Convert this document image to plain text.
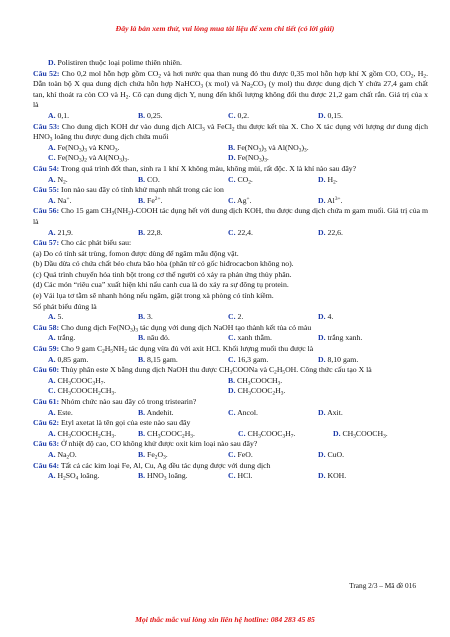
Đây là bản xem thử, vui lòng mua tài liệu để xem chi tiết (có lời giải)
D. Polistiren thuộc loại polime thiên nhiên.
Câu 52: Cho 0,2 mol hỗn hợp gồm $CO_2$ và hơi nước qua than nung đỏ thu được 0,35 mol hỗn hợp khí X gồm CO, $CO_2$, $H_2$. Dẫn toàn bộ X qua dung dịch chứa hỗn hợp NaHCO$_3$ (x mol) và $Na_2CO_3$ (y mol) thu được dung dịch Y chứa 27,4 gam chất tan, khí thoát ra còn CO và $H_2$. Cô cạn dung dịch Y, nung đến khối lượng không đổi thu được 21,2 gam chất rắn. Giá trị của x là
A. 0,1.	B. 0,25.	C. 0,2.	D. 0,15.
Câu 53: Cho dung dịch KOH dư vào dung dịch AlCl$_3$ và FeCl$_2$ thu được kết tủa X. Cho X tác dụng với lượng dư dung dịch $HNO_3$ loãng thu được dung dịch chứa muối
A. $Fe(NO_3)_3$ và $KNO_3$.	B. $Fe(NO_3)_3$ và $Al(NO_3)_3$.
C. $Fe(NO_3)_2$ và $Al(NO_3)_3$.	D. $Fe(NO_3)_3$.
Câu 54: Trong quá trình đốt than, sinh ra 1 khí X không màu, không mùi, rất độc. X là khí nào sau đây?
A. $N_2$.	B. CO.	C. $CO_2$.	D. $H_2$.
Câu 55: Ion nào sau đây có tính khử mạnh nhất trong các ion
A. Na+.	B. $Fe^{2+}$.	C. Ag+.	D. $Al^{3+}$.
Câu 56: Cho 15 gam $CH_3(NH_2)$-COOH tác dụng hết với dung dịch KOH, thu được dung dịch chứa m gam muối. Giá trị của m là
A. 21,9.	B. 22,8.	C. 22,4.	D. 22,6.
Câu 57: Cho các phát biểu sau:
(a) Do có tính sát trùng, fomon được dùng để ngâm mẫu động vật.
(b) Dầu dừa có chứa chất béo chưa bão hòa (phân tử có gốc hiđrocacbon không no).
(c) Quá trình chuyển hóa tinh bột trong cơ thể người có xảy ra phản ứng thủy phân.
(d) Các món “riêu cua” xuất hiện khi nấu canh cua là do xảy ra sự đông tụ protein.
(e) Vải lụa tơ tằm sẽ nhanh hỏng nếu ngâm, giặt trong xà phòng có tính kiềm.
Số phát biểu đúng là
A. 5.	B. 3.	C. 2.	D. 4.
Câu 58: Cho dung dịch $Fe(NO_3)_3$ tác dụng với dung dịch NaOH tạo thành kết tủa có màu
A. trắng.	B. nâu đỏ.	C. xanh thẫm.	D. trắng xanh.
Câu 59: Cho 9 gam $C_2H_5NH_2$ tác dụng vừa đủ với axit HCl. Khối lượng muối thu được là
A. 0,85 gam.	B. 8,15 gam.	C. 16,3 gam.	D. 8,10 gam.
Câu 60: Thủy phân este X bằng dung dịch NaOH thu được $CH_3COONa$ và $C_2H_5OH$. Công thức cấu tạo X là
A. $CH_3COOC_3H_7$.	B. $CH_3COOCH_3$.
C. $CH_3COOCH_2CH_3$.	D. $CH_3COOC_2H_3$.
Câu 61: Nhóm chức nào sau đây có trong tristearin?
A. Este.	B. Andehit.	C. Ancol.	D. Axit.
Câu 62: Etyl axetat là tên gọi của este nào sau đây
A. $CH_3COOCH_2CH_3$.	B. $CH_3COOC_2H_3$.	C. $CH_3COOC_3H_7$.	D. $CH_3COOCH_3$.
Câu 63: Ở nhiệt độ cao, CO không khử được oxit kim loại nào sau đây?
A. $Na_2O$.	B. $Fe_2O_3$.	C. FeO.	D. CuO.
Câu 64: Tất cả các kim loại Fe, Al, Cu, Ag đều tác dụng được với dung dịch
A. $H_2SO_4$ loãng.	B. $HNO_3$ loãng.	C. HCl.	D. KOH.
Trang 2/3 – Mã đề 016
Mọi thắc mắc vui lòng xin liên hệ hotline: 084 283 45 85
